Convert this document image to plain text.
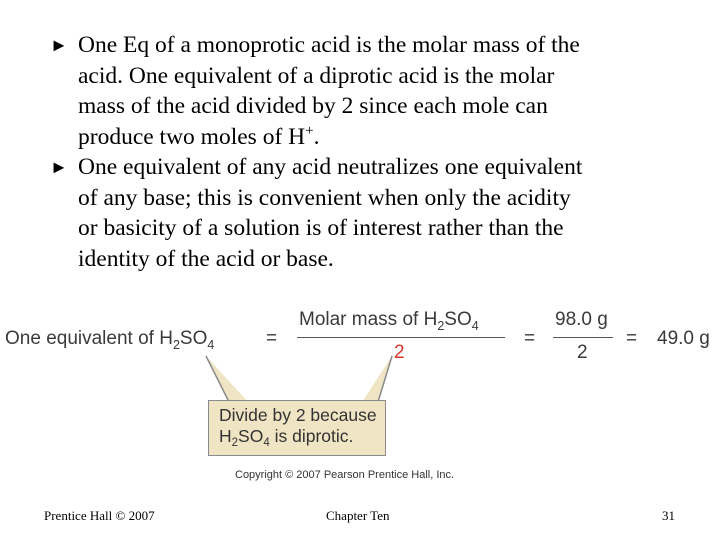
► One Eq of a monoprotic acid is the molar mass of the
acid. One equivalent of a diprotic acid is the molar
mass of the acid divided by 2 since each mole can
produce two moles of H+.
► One equivalent of any acid neutralizes one equivalent
of any base; this is convenient when only the acidity
or basicity of a solution is of interest rather than the
identity of the acid or base.
One equivalent of $H_2SO_4$	=
Molar mass of $H_2SO_4$
2
=
98.0 g
2
= 49.0 g
Divide by 2 because
$H_2SO_4$ is diprotic.
Copyright © 2007 Pearson Prentice Hall, Inc.
Prentice Hall © 2007	Chapter Ten	31
